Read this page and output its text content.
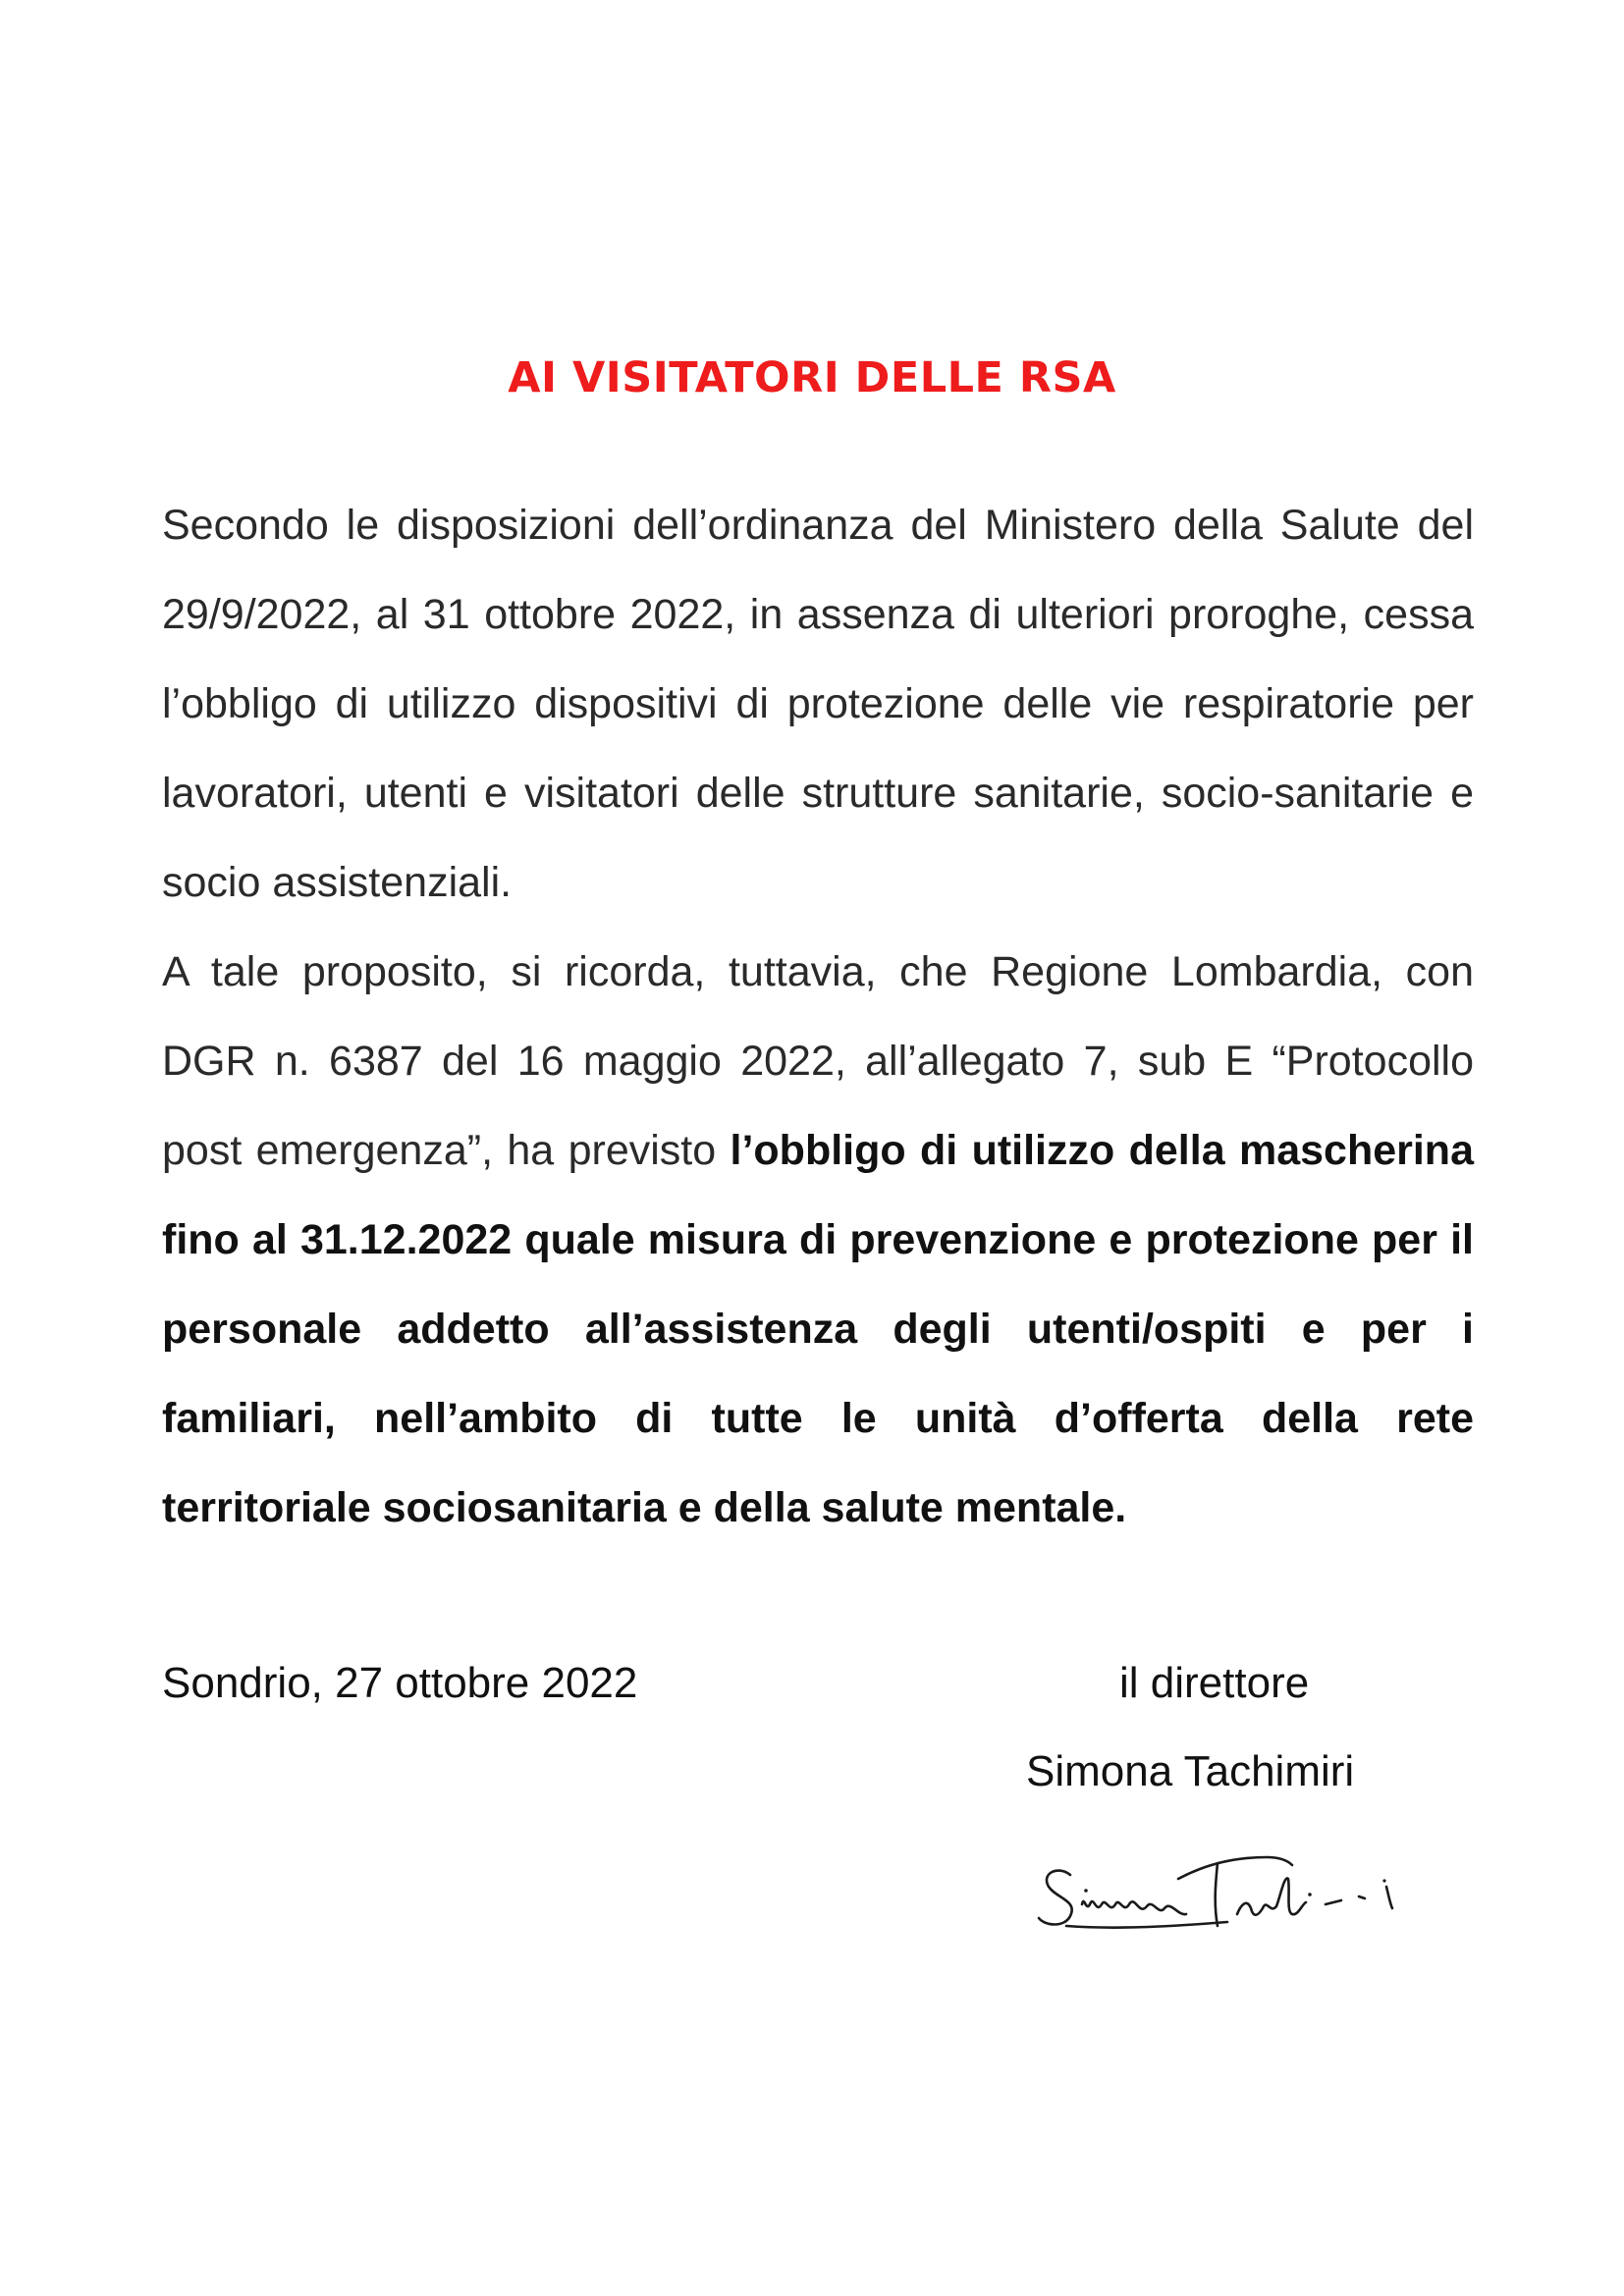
AI VISITATORI DELLE RSA

Secondo le disposizioni dell’ordinanza del Ministero della Salute del 29/9/2022, al 31 ottobre 2022, in assenza di ulteriori proroghe, cessa l’obbligo di utilizzo dispositivi di protezione delle vie respiratorie per lavoratori, utenti e visitatori delle strutture sanitarie, socio-sanitarie e socio assistenziali.

A tale proposito, si ricorda, tuttavia, che Regione Lombardia, con DGR n. 6387 del 16 maggio 2022, all’allegato 7, sub E “Protocollo post emergenza”, ha previsto l’obbligo di utilizzo della mascherina fino al 31.12.2022 quale misura di prevenzione e protezione per il personale addetto all’assistenza degli utenti/ospiti e per i familiari, nell’ambito di tutte le unità d’offerta della rete territoriale sociosanitaria e della salute mentale.

Sondrio, 27 ottobre 2022	il direttore
Simona Tachimiri
